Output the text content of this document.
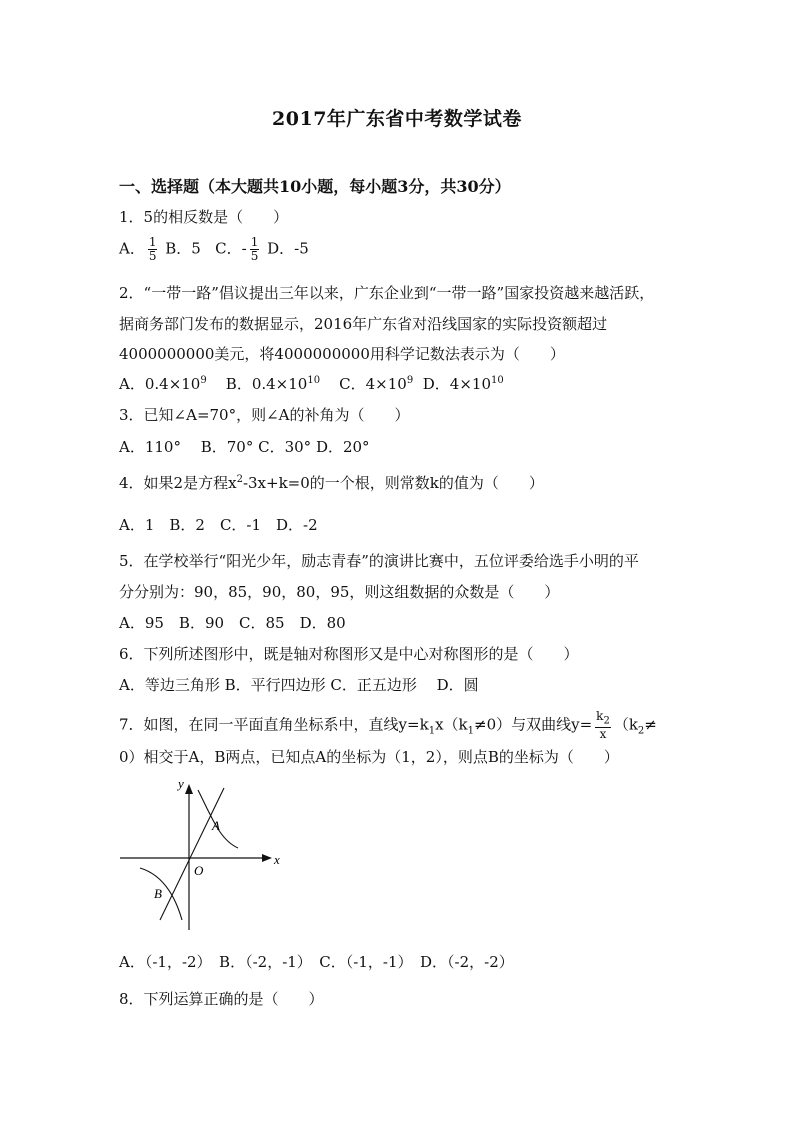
2017年广东省中考数学试卷
一、选择题（本大题共10小题，每小题3分，共30分）
1．5的相反数是（　　）
A． $\frac{1}{5}$ B．5 C．- $\frac{1}{5}$ D．-5
2．“一带一路”倡议提出三年以来，广东企业到“一带一路”国家投资越来越活跃，
据商务部门发布的数据显示，2016年广东省对沿线国家的实际投资额超过
4000000000美元，将4000000000用科学记数法表示为（　　）
A．$0.4\times 10^9$ B．$0.4\times 10^{10}$ C．$4\times 10^9$ D．$4\times 10^{10}$
3．已知∠A=70°，则∠A的补角为（　　）
A．110°　 B．70° C．30° D．20°
4．如果2是方程$x^2-3x+k=0$的一个根，则常数k的值为（　　）
A．1　B．2　C．-1　D．-2
5．在学校举行“阳光少年，励志青春”的演讲比赛中，五位评委给选手小明的平
分分别为：90，85，90，80，95，则这组数据的众数是（　　）
A．95　B．90　C．85　D．80
6．下列所述图形中，既是轴对称图形又是中心对称图形的是（　　）
A．等边三角形 B．平行四边形 C．正五边形　 D．圆
7．如图，在同一平面直角坐标系中，直线$y=k_1x(k_1\ne 0)$与双曲线$y= \frac{k_2}{x} (k_2\ne$
0）相交于A，B两点，已知点A的坐标为（1，2），则点B的坐标为（　　）
y
x
O
A
B
A．（-1，-2）　B．（-2，-1）　C．（-1，-1）　D．（-2，-2）
8．下列运算正确的是（　　）
